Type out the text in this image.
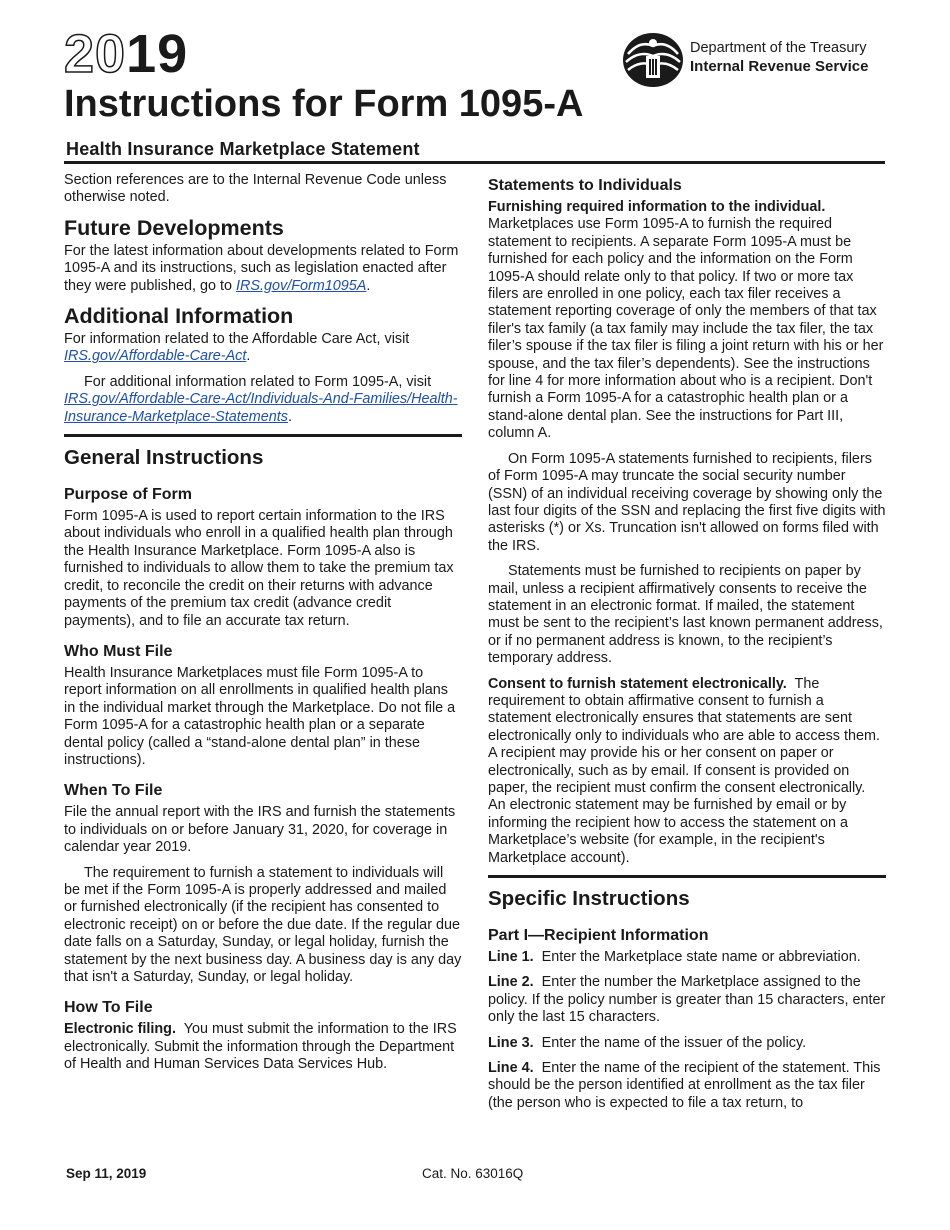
2019
Instructions for Form 1095-A
Health Insurance Marketplace Statement
Department of the Treasury
Internal Revenue Service

Section references are to the Internal Revenue Code unless otherwise noted.

Future Developments

For the latest information about developments related to Form 1095-A and its instructions, such as legislation enacted after they were published, go to IRS.gov/Form1095A.

Additional Information

For information related to the Affordable Care Act, visit IRS.gov/Affordable-Care-Act.

For additional information related to Form 1095-A, visit IRS.gov/Affordable-Care-Act/Individuals-And-Families/Health-Insurance-Marketplace-Statements.

General Instructions
Purpose of Form

Form 1095-A is used to report certain information to the IRS about individuals who enroll in a qualified health plan through the Health Insurance Marketplace. Form 1095-A also is furnished to individuals to allow them to take the premium tax credit, to reconcile the credit on their returns with advance payments of the premium tax credit (advance credit payments), and to file an accurate tax return.

Who Must File

Health Insurance Marketplaces must file Form 1095-A to report information on all enrollments in qualified health plans in the individual market through the Marketplace. Do not file a Form 1095-A for a catastrophic health plan or a separate dental policy (called a “stand-alone dental plan” in these instructions).

When To File

File the annual report with the IRS and furnish the statements to individuals on or before January 31, 2020, for coverage in calendar year 2019.

The requirement to furnish a statement to individuals will be met if the Form 1095-A is properly addressed and mailed or furnished electronically (if the recipient has consented to electronic receipt) on or before the due date. If the regular due date falls on a Saturday, Sunday, or legal holiday, furnish the statement by the next business day. A business day is any day that isn't a Saturday, Sunday, or legal holiday.

How To File

Electronic filing. You must submit the information to the IRS electronically. Submit the information through the Department of Health and Human Services Data Services Hub.

Statements to Individuals

Furnishing required information to the individual. Marketplaces use Form 1095-A to furnish the required statement to recipients. A separate Form 1095-A must be furnished for each policy and the information on the Form 1095-A should relate only to that policy. If two or more tax filers are enrolled in one policy, each tax filer receives a statement reporting coverage of only the members of that tax filer's tax family (a tax family may include the tax filer, the tax filer’s spouse if the tax filer is filing a joint return with his or her spouse, and the tax filer’s dependents). See the instructions for line 4 for more information about who is a recipient. Don't furnish a Form 1095-A for a catastrophic health plan or a stand-alone dental plan. See the instructions for Part III, column A.

On Form 1095-A statements furnished to recipients, filers of Form 1095-A may truncate the social security number (SSN) of an individual receiving coverage by showing only the last four digits of the SSN and replacing the first five digits with asterisks (*) or Xs. Truncation isn't allowed on forms filed with the IRS.

Statements must be furnished to recipients on paper by mail, unless a recipient affirmatively consents to receive the statement in an electronic format. If mailed, the statement must be sent to the recipient’s last known permanent address, or if no permanent address is known, to the recipient’s temporary address.

Consent to furnish statement electronically. The requirement to obtain affirmative consent to furnish a statement electronically ensures that statements are sent electronically only to individuals who are able to access them. A recipient may provide his or her consent on paper or electronically, such as by email. If consent is provided on paper, the recipient must confirm the consent electronically. An electronic statement may be furnished by email or by informing the recipient how to access the statement on a Marketplace’s website (for example, in the recipient's Marketplace account).

Specific Instructions
Part I—Recipient Information

Line 1. Enter the Marketplace state name or abbreviation.

Line 2. Enter the number the Marketplace assigned to the policy. If the policy number is greater than 15 characters, enter only the last 15 characters.

Line 3. Enter the name of the issuer of the policy.

Line 4. Enter the name of the recipient of the statement. This should be the person identified at enrollment as the tax filer (the person who is expected to file a tax return, to

Sep 11, 2019	Cat. No. 63016Q
